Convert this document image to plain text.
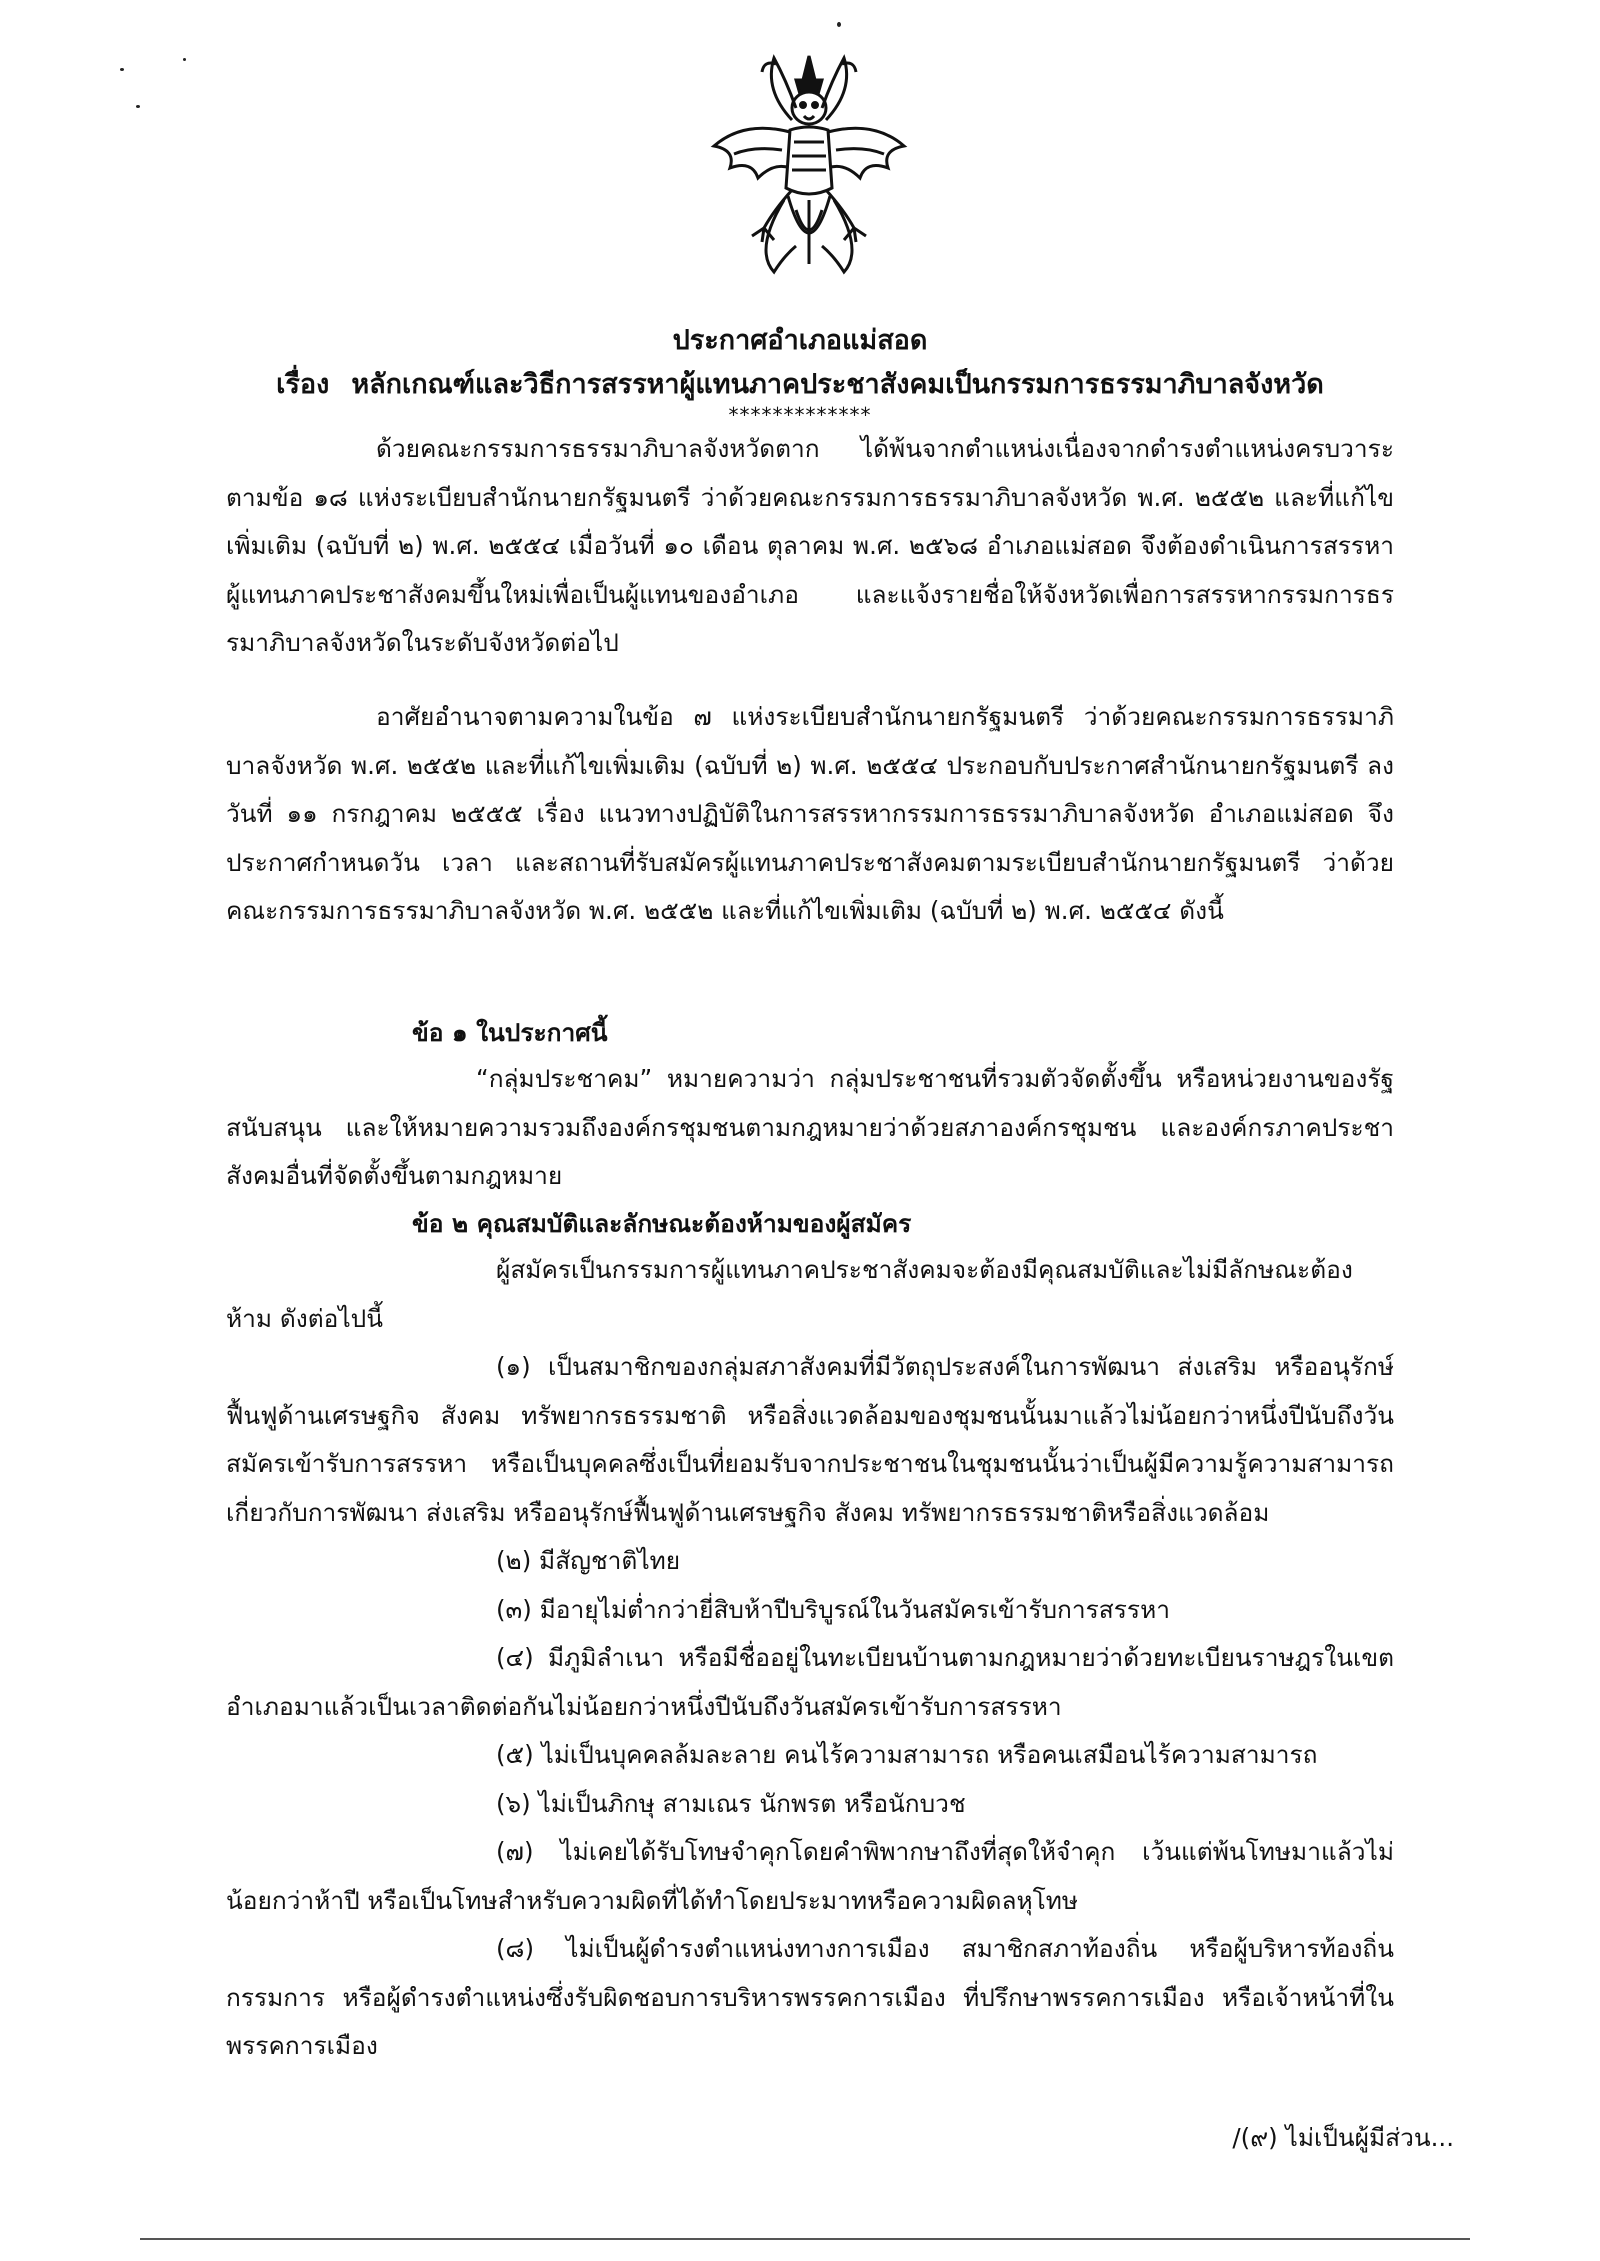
ประกาศอำเภอแม่สอด
เรื่อง หลักเกณฑ์และวิธีการสรรหาผู้แทนภาคประชาสังคมเป็นกรรมการธรรมาภิบาลจังหวัด
*************
ด้วยคณะกรรมการธรรมาภิบาลจังหวัดตาก ได้พ้นจากตำแหน่งเนื่องจากดำรงตำแหน่งครบวาระตามข้อ ๑๘ แห่งระเบียบสำนักนายกรัฐมนตรี ว่าด้วยคณะกรรมการธรรมาภิบาลจังหวัด พ.ศ. ๒๕๕๒ และที่แก้ไขเพิ่มเติม (ฉบับที่ ๒) พ.ศ. ๒๕๕๔ เมื่อวันที่ ๑๐ เดือน ตุลาคม พ.ศ. ๒๕๖๘ อำเภอแม่สอด จึงต้องดำเนินการสรรหาผู้แทนภาคประชาสังคมขึ้นใหม่เพื่อเป็นผู้แทนของอำเภอ และแจ้งรายชื่อให้จังหวัดเพื่อการสรรหากรรมการธรรมาภิบาลจังหวัดในระดับจังหวัดต่อไป
อาศัยอำนาจตามความในข้อ ๗ แห่งระเบียบสำนักนายกรัฐมนตรี ว่าด้วยคณะกรรมการธรรมาภิบาลจังหวัด พ.ศ. ๒๕๕๒ และที่แก้ไขเพิ่มเติม (ฉบับที่ ๒) พ.ศ. ๒๕๕๔ ประกอบกับประกาศสำนักนายกรัฐมนตรี ลงวันที่ ๑๑ กรกฎาคม ๒๕๕๕ เรื่อง แนวทางปฏิบัติในการสรรหากรรมการธรรมาภิบาลจังหวัด อำเภอแม่สอด จึงประกาศกำหนดวัน เวลา และสถานที่รับสมัครผู้แทนภาคประชาสังคมตามระเบียบสำนักนายกรัฐมนตรี ว่าด้วยคณะกรรมการธรรมาภิบาลจังหวัด พ.ศ. ๒๕๕๒ และที่แก้ไขเพิ่มเติม (ฉบับที่ ๒) พ.ศ. ๒๕๕๔ ดังนี้
ข้อ ๑ ในประกาศนี้
“กลุ่มประชาคม” หมายความว่า กลุ่มประชาชนที่รวมตัวจัดตั้งขึ้น หรือหน่วยงานของรัฐสนับสนุน และให้หมายความรวมถึงองค์กรชุมชนตามกฎหมายว่าด้วยสภาองค์กรชุมชน และองค์กรภาคประชาสังคมอื่นที่จัดตั้งขึ้นตามกฎหมาย
ข้อ ๒ คุณสมบัติและลักษณะต้องห้ามของผู้สมัคร
ผู้สมัครเป็นกรรมการผู้แทนภาคประชาสังคมจะต้องมีคุณสมบัติและไม่มีลักษณะต้องห้าม ดังต่อไปนี้
(๑) เป็นสมาชิกของกลุ่มสภาสังคมที่มีวัตถุประสงค์ในการพัฒนา ส่งเสริม หรืออนุรักษ์ฟื้นฟูด้านเศรษฐกิจ สังคม ทรัพยากรธรรมชาติ หรือสิ่งแวดล้อมของชุมชนนั้นมาแล้วไม่น้อยกว่าหนึ่งปีนับถึงวันสมัครเข้ารับการสรรหา หรือเป็นบุคคลซึ่งเป็นที่ยอมรับจากประชาชนในชุมชนนั้นว่าเป็นผู้มีความรู้ความสามารถเกี่ยวกับการพัฒนา ส่งเสริม หรืออนุรักษ์ฟื้นฟูด้านเศรษฐกิจ สังคม ทรัพยากรธรรมชาติหรือสิ่งแวดล้อม
(๒) มีสัญชาติไทย
(๓) มีอายุไม่ต่ำกว่ายี่สิบห้าปีบริบูรณ์ในวันสมัครเข้ารับการสรรหา
(๔) มีภูมิลำเนา หรือมีชื่ออยู่ในทะเบียนบ้านตามกฎหมายว่าด้วยทะเบียนราษฎรในเขตอำเภอมาแล้วเป็นเวลาติดต่อกันไม่น้อยกว่าหนึ่งปีนับถึงวันสมัครเข้ารับการสรรหา
(๕) ไม่เป็นบุคคลล้มละลาย คนไร้ความสามารถ หรือคนเสมือนไร้ความสามารถ
(๖) ไม่เป็นภิกษุ สามเณร นักพรต หรือนักบวช
(๗) ไม่เคยได้รับโทษจำคุกโดยคำพิพากษาถึงที่สุดให้จำคุก เว้นแต่พ้นโทษมาแล้วไม่น้อยกว่าห้าปี หรือเป็นโทษสำหรับความผิดที่ได้ทำโดยประมาทหรือความผิดลหุโทษ
(๘) ไม่เป็นผู้ดำรงตำแหน่งทางการเมือง สมาชิกสภาท้องถิ่น หรือผู้บริหารท้องถิ่น กรรมการ หรือผู้ดำรงตำแหน่งซึ่งรับผิดชอบการบริหารพรรคการเมือง ที่ปรึกษาพรรคการเมือง หรือเจ้าหน้าที่ในพรรคการเมือง
/(๙) ไม่เป็นผู้มีส่วน...
